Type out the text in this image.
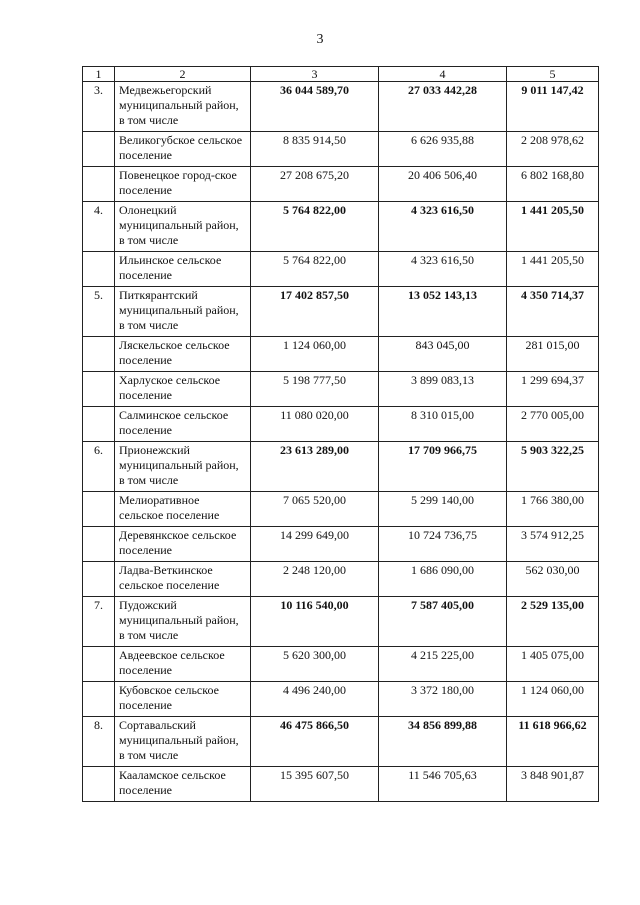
3
1	2	3	4	5
3.	Медвежьегорский муниципальный район, в том числе	36 044 589,70	27 033 442,28	9 011 147,42
	Великогубское сельское поселение	8 835 914,50	6 626 935,88	2 208 978,62
	Повенецкое город-ское поселение	27 208 675,20	20 406 506,40	6 802 168,80
4.	Олонецкий муниципальный район, в том числе	5 764 822,00	4 323 616,50	1 441 205,50
	Ильинское сельское поселение	5 764 822,00	4 323 616,50	1 441 205,50
5.	Питкярантский муниципальный район, в том числе	17 402 857,50	13 052 143,13	4 350 714,37
	Ляскельское сельское поселение	1 124 060,00	843 045,00	281 015,00
	Харлуское сельское поселение	5 198 777,50	3 899 083,13	1 299 694,37
	Салминское сельское поселение	11 080 020,00	8 310 015,00	2 770 005,00
6.	Прионежский муниципальный район, в том числе	23 613 289,00	17 709 966,75	5 903 322,25
	Мелиоративное сельское поселение	7 065 520,00	5 299 140,00	1 766 380,00
	Деревянкское сельское поселение	14 299 649,00	10 724 736,75	3 574 912,25
	Ладва-Веткинское сельское поселение	2 248 120,00	1 686 090,00	562 030,00
7.	Пудожский муниципальный район, в том числе	10 116 540,00	7 587 405,00	2 529 135,00
	Авдеевское сельское поселение	5 620 300,00	4 215 225,00	1 405 075,00
	Кубовское сельское поселение	4 496 240,00	3 372 180,00	1 124 060,00
8.	Сортавальский муниципальный район, в том числе	46 475 866,50	34 856 899,88	11 618 966,62
	Кааламское сельское поселение	15 395 607,50	11 546 705,63	3 848 901,87
